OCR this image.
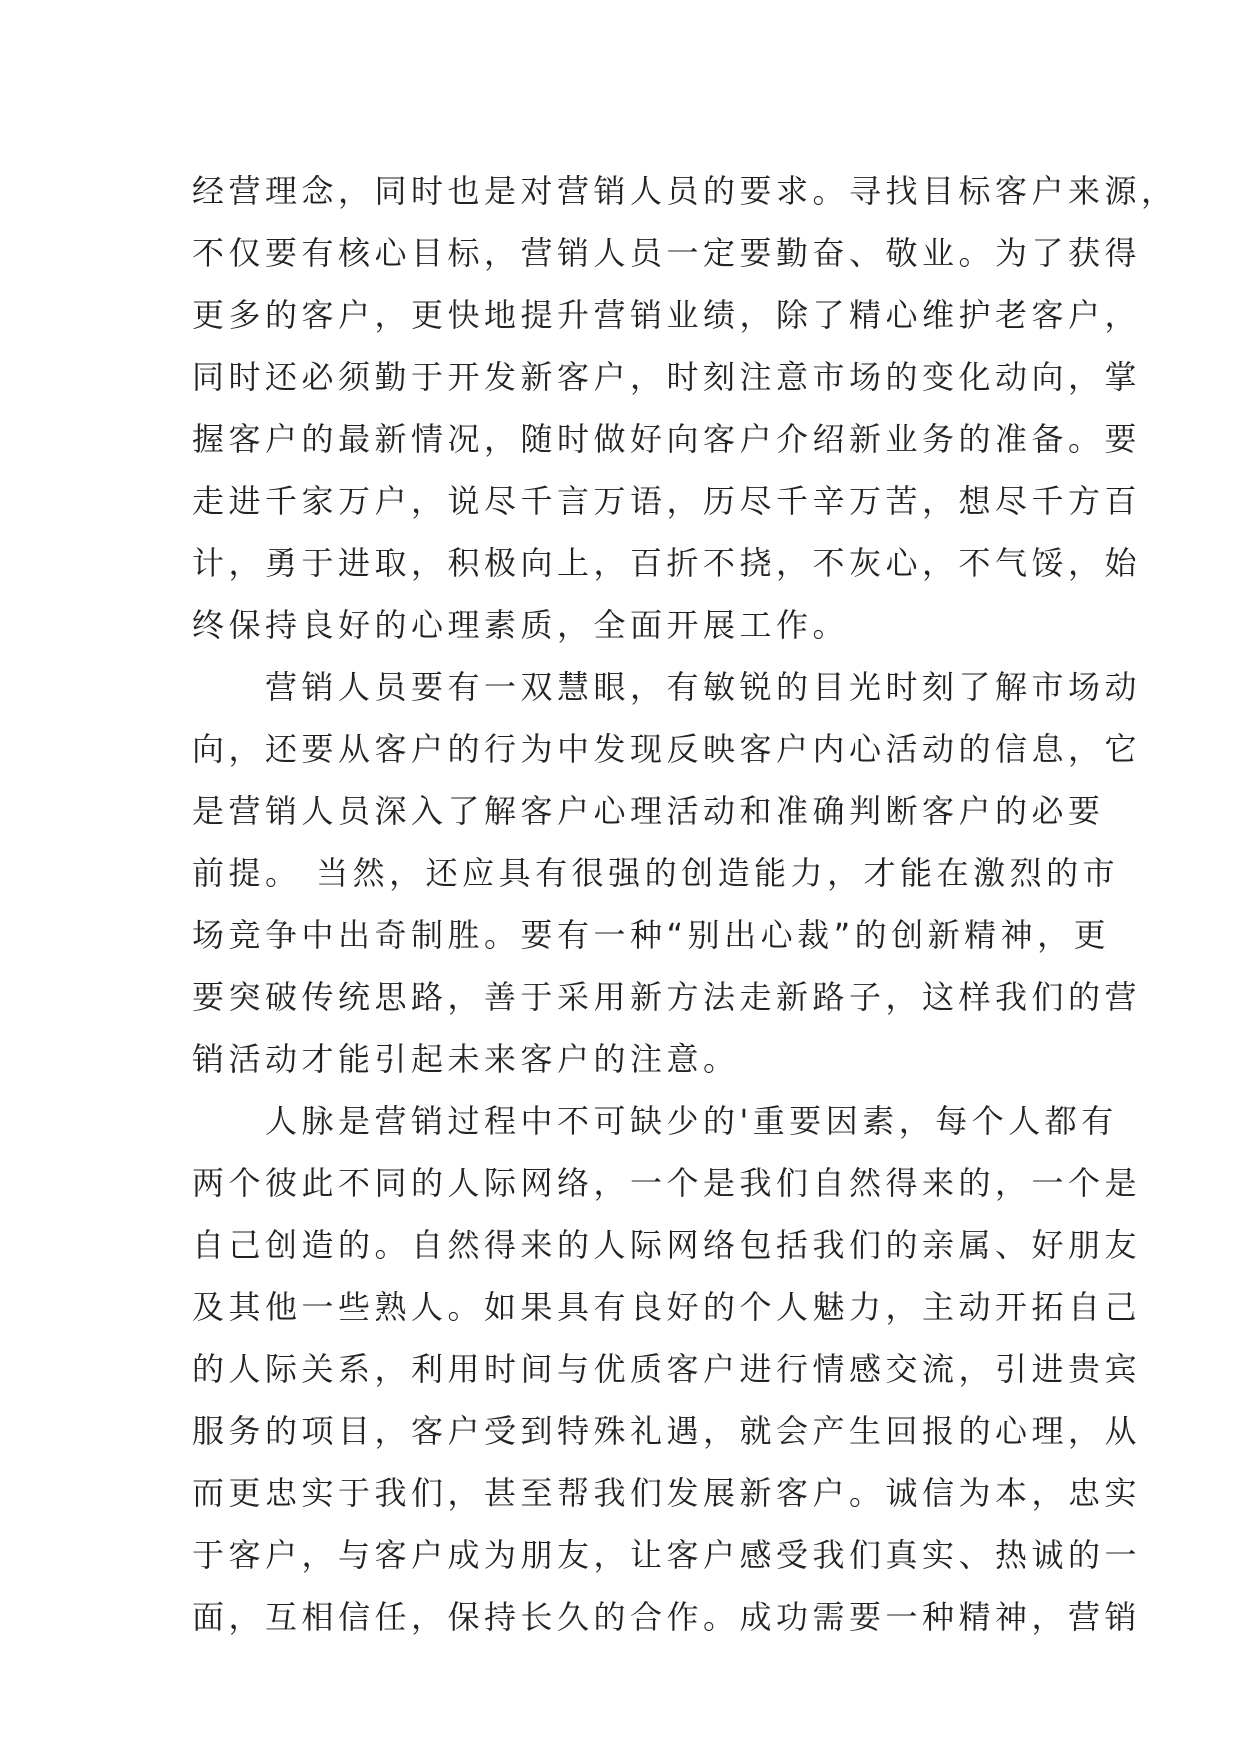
经营理念，同时也是对营销人员的要求。寻找目标客户来源，
不仅要有核心目标，营销人员一定要勤奋、敬业。为了获得
更多的客户，更快地提升营销业绩，除了精心维护老客户，
同时还必须勤于开发新客户，时刻注意市场的变化动向，掌
握客户的最新情况，随时做好向客户介绍新业务的准备。要
走进千家万户，说尽千言万语，历尽千辛万苦，想尽千方百
计，勇于进取，积极向上，百折不挠，不灰心，不气馁，始
终保持良好的心理素质，全面开展工作。
　　营销人员要有一双慧眼，有敏锐的目光时刻了解市场动
向，还要从客户的行为中发现反映客户内心活动的信息，它
是营销人员深入了解客户心理活动和准确判断客户的必要
前提。 当然，还应具有很强的创造能力，才能在激烈的市
场竞争中出奇制胜。要有一种“别出心裁”的创新精神，更
要突破传统思路，善于采用新方法走新路子，这样我们的营
销活动才能引起未来客户的注意。
　　人脉是营销过程中不可缺少的'重要因素，每个人都有
两个彼此不同的人际网络，一个是我们自然得来的，一个是
自己创造的。自然得来的人际网络包括我们的亲属、好朋友
及其他一些熟人。如果具有良好的个人魅力，主动开拓自己
的人际关系，利用时间与优质客户进行情感交流，引进贵宾
服务的项目，客户受到特殊礼遇，就会产生回报的心理，从
而更忠实于我们，甚至帮我们发展新客户。诚信为本，忠实
于客户，与客户成为朋友，让客户感受我们真实、热诚的一
面，互相信任，保持长久的合作。成功需要一种精神，营销
